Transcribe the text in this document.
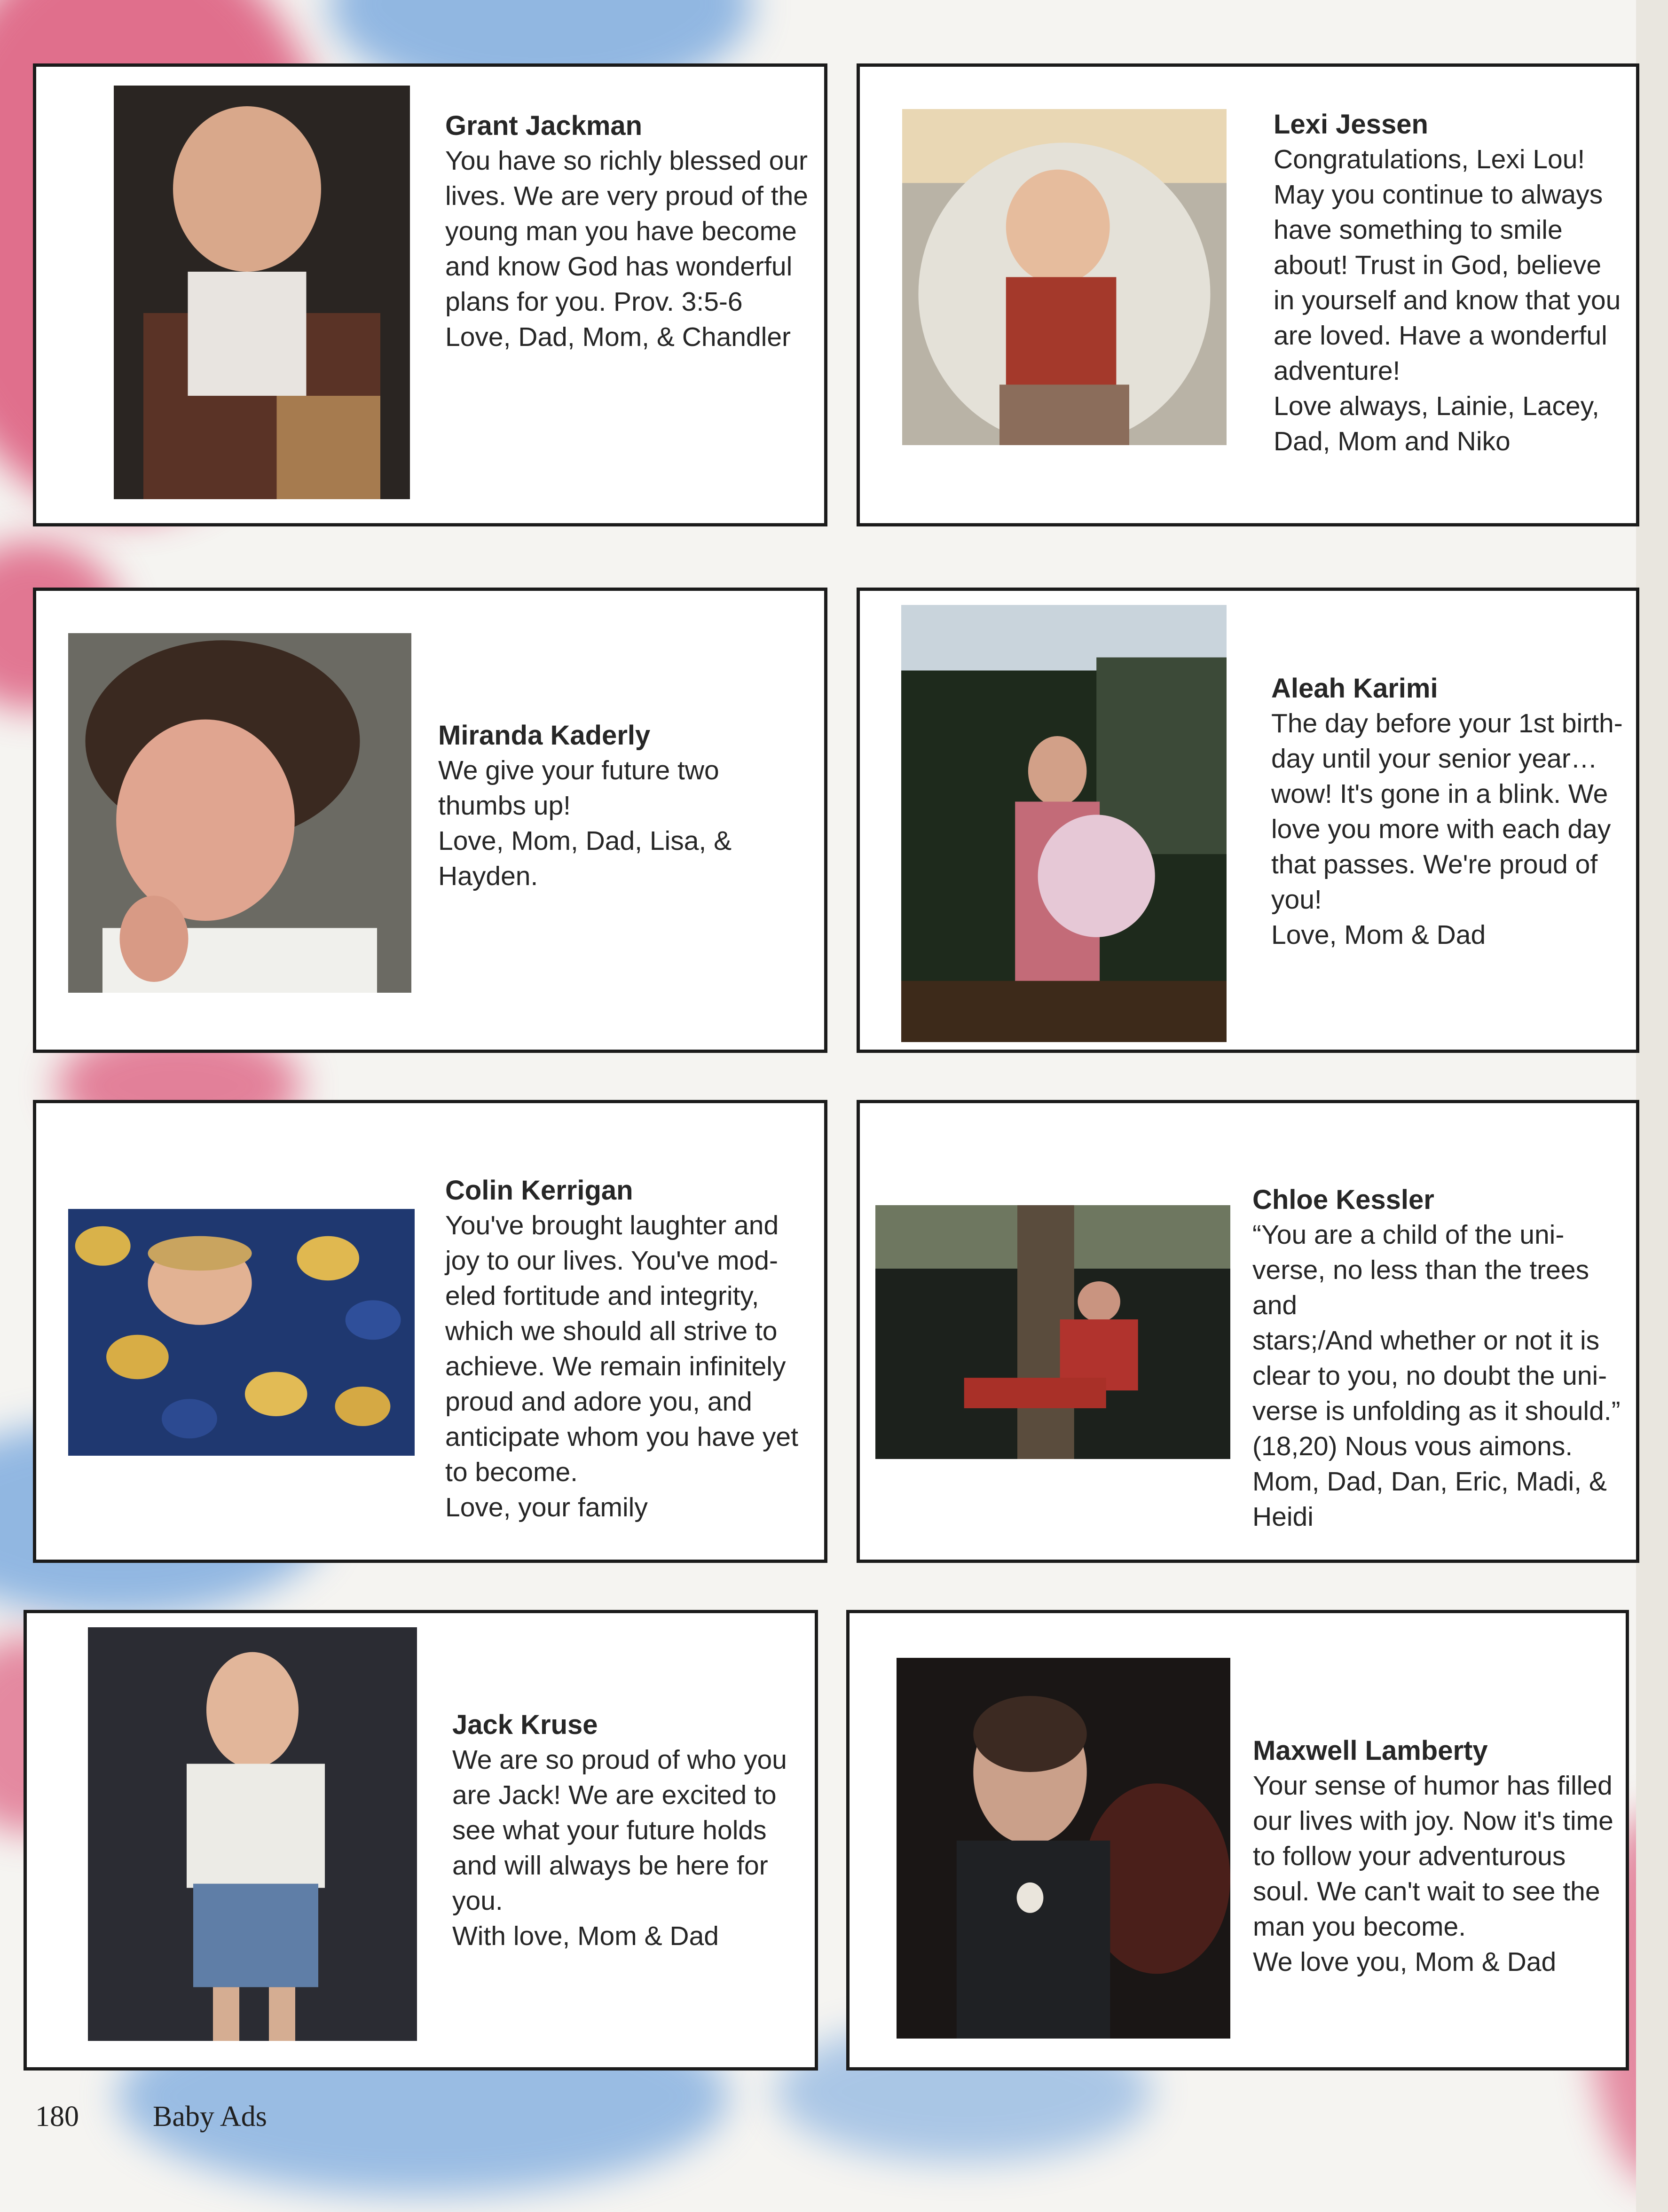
Grant Jackman
You have so richly blessed our
lives. We are very proud of the
young man you have become
and know God has wonderful
plans for you. Prov. 3:5-6
Love, Dad, Mom, & Chandler
Lexi Jessen
Congratulations, Lexi Lou!
May you continue to always
have something to smile
about! Trust in God, believe
in yourself and know that you
are loved. Have a wonderful
adventure!
Love always, Lainie, Lacey,
Dad, Mom and Niko
Miranda Kaderly
We give your future two
thumbs up!
Love, Mom, Dad, Lisa, &
Hayden.
Aleah Karimi
The day before your 1st birth-
day until your senior year…
wow! It's gone in a blink. We
love you more with each day
that passes. We're proud of
you!
Love, Mom & Dad
Colin Kerrigan
You've brought laughter and
joy to our lives. You've mod-
eled fortitude and integrity,
which we should all strive to
achieve. We remain infinitely
proud and adore you, and
anticipate whom you have yet
to become.
Love, your family
Chloe Kessler
“You are a child of the uni-
verse, no less than the trees and
stars;/And whether or not it is
clear to you, no doubt the uni-
verse is unfolding as it should.”
(18,20) Nous vous aimons.
Mom, Dad, Dan, Eric, Madi, &
Heidi
Jack Kruse
We are so proud of who you
are Jack! We are excited to
see what your future holds
and will always be here for
you.
With love, Mom & Dad
Maxwell Lamberty
Your sense of humor has filled
our lives with joy. Now it's time
to follow your adventurous
soul. We can't wait to see the
man you become.
We love you, Mom & Dad
180	Baby Ads
